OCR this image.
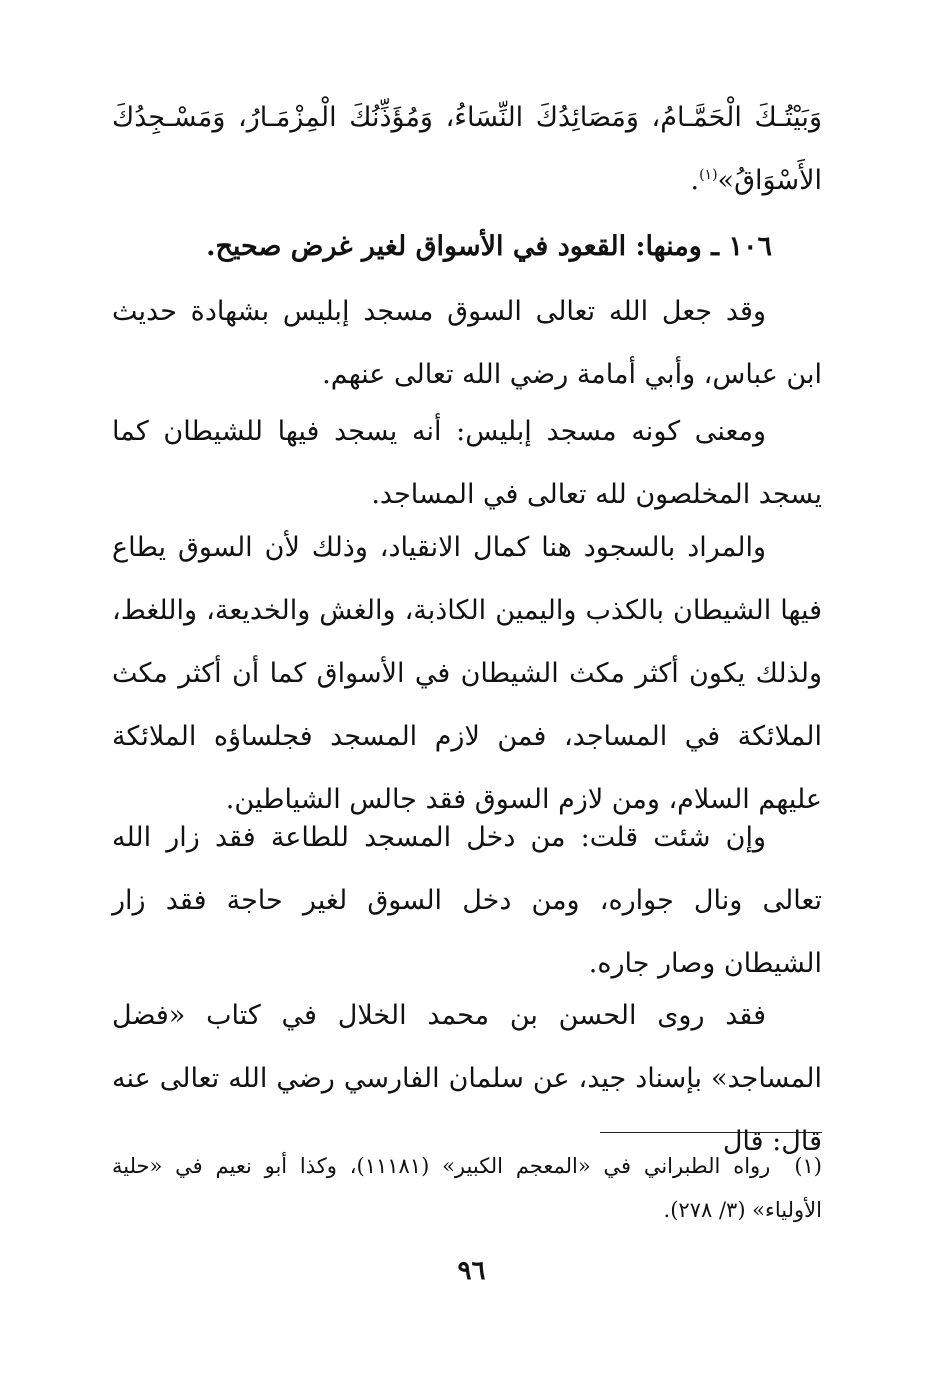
وَبَيْتُـكَ الْحَمَّـامُ، وَمَصَائِدُكَ النِّسَاءُ، وَمُؤَذِّنُكَ الْمِزْمَـارُ، وَمَسْـجِدُكَ الأَسْوَاقُ»$^{(١)}$.

١٠٦ ـ ومنها: القعود في الأسواق لغير غرض صحيح.

وقد جعل الله تعالى السوق مسجد إبليس بشهادة حديث ابن عباس، وأبي أمامة رضي الله تعالى عنهم.

ومعنى كونه مسجد إبليس: أنه يسجد فيها للشيطان كما يسجد المخلصون لله تعالى في المساجد.

والمراد بالسجود هنا كمال الانقياد، وذلك لأن السوق يطاع فيها الشيطان بالكذب واليمين الكاذبة، والغش والخديعة، واللغط، ولذلك يكون أكثر مكث الشيطان في الأسواق كما أن أكثر مكث الملائكة في المساجد، فمن لازم المسجد فجلساؤه الملائكة عليهم السلام، ومن لازم السوق فقد جالس الشياطين.

وإن شئت قلت: من دخل المسجد للطاعة فقد زار الله تعالى ونال جواره، ومن دخل السوق لغير حاجة فقد زار الشيطان وصار جاره.

فقد روى الحسن بن محمد الخلال في كتاب «فضل المساجد» بإسناد جيد، عن سلمان الفارسي رضي الله تعالى عنه قال: قال

(١)رواه الطبراني في «المعجم الكبير» (١١١٨١)، وكذا أبو نعيم في «حلية الأولياء» (٣/ ٢٧٨).

٩٦
